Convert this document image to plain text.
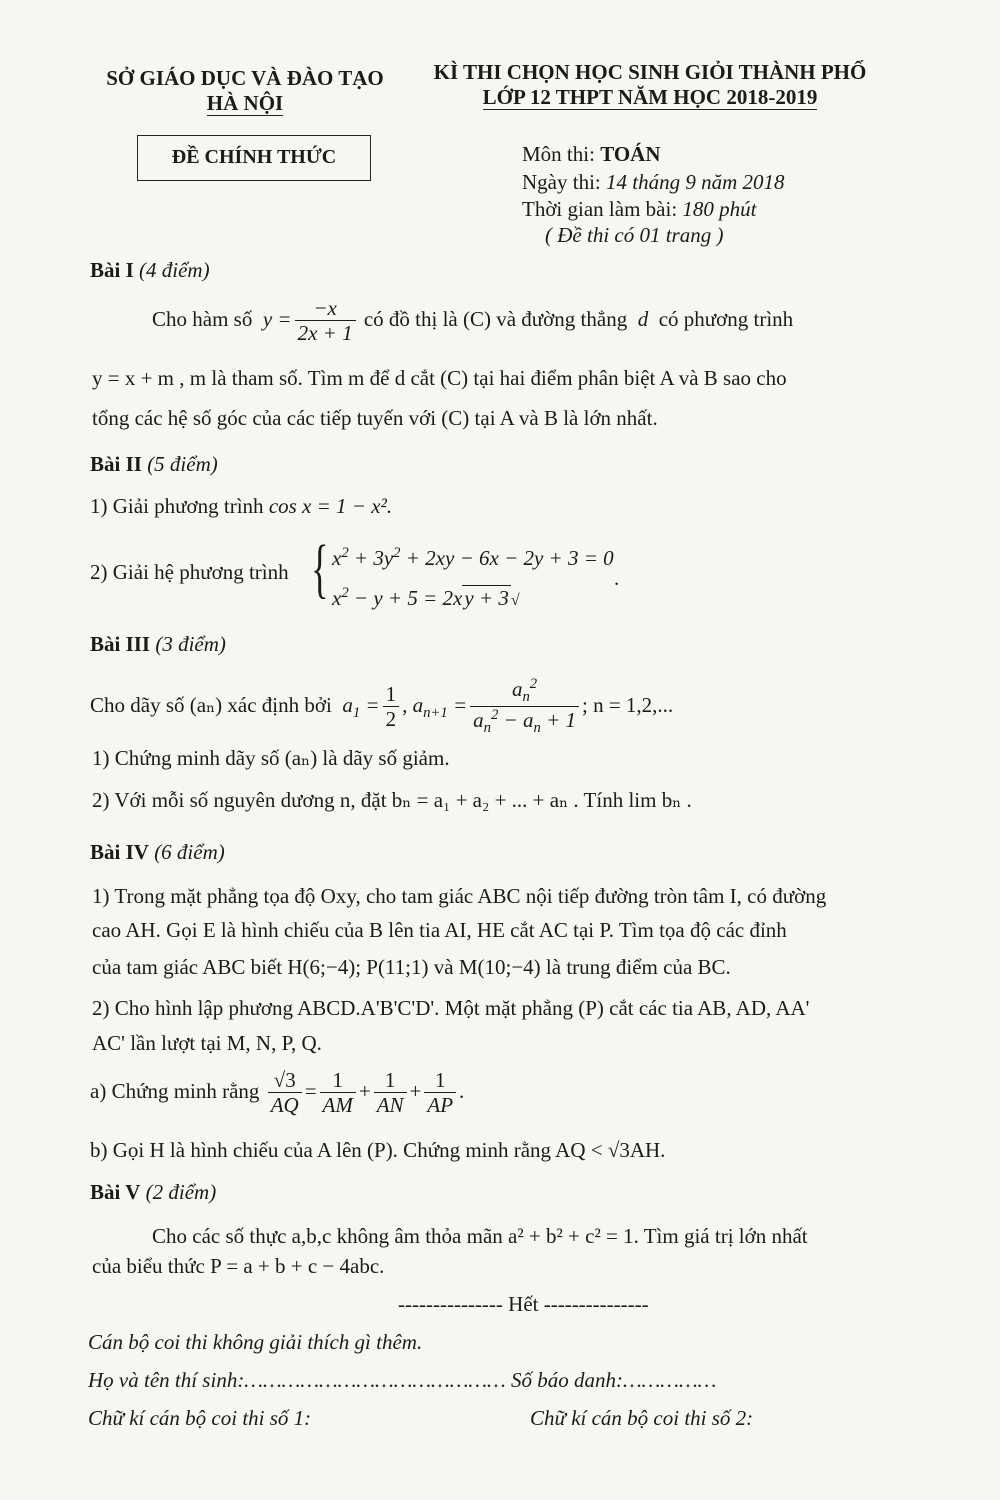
SỞ GIÁO DỤC VÀ ĐÀO TẠO
HÀ NỘI
KÌ THI CHỌN HỌC SINH GIỎI THÀNH PHỐ
LỚP 12 THPT NĂM HỌC 2018-2019
ĐỀ CHÍNH THỨC	Môn thi: TOÁN
Ngày thi: 14 tháng 9 năm 2018
Thời gian làm bài: 180 phút
( Đề thi có 01 trang )
Bài I (4 điểm)
Cho hàm số  $y = \frac{-x}{2x + 1}$ có đồ thị là (C) và đường thẳng  d  có phương trình
y = x + m , m là tham số. Tìm m để d cắt (C) tại hai điểm phân biệt A và B sao cho
tổng các hệ số góc của các tiếp tuyến với (C) tại A và B là lớn nhất.
Bài II (5 điểm)
1) Giải phương trình cos x = 1 − x².
2) Giải hệ phương trình { $x^2 + 3y^2 + 2xy - 6x - 2y + 3 = 0$
$x^2 - y + 5 = 2xy + 3$ √
.
Bài III (3 điểm)
Cho dãy số (aₙ) xác định bởi  $a_1 = \frac{1}{2}$ , $a_{n+1} = \frac{a_n^2}{a_n^2 - a_n + 1}$ ; n = 1,2,...
1) Chứng minh dãy số (aₙ) là dãy số giảm.
2) Với mỗi số nguyên dương n, đặt bₙ = a₁ + a₂ + ... + aₙ . Tính lim bₙ .
Bài IV (6 điểm)
1) Trong mặt phẳng tọa độ Oxy, cho tam giác ABC nội tiếp đường tròn tâm I, có đường
cao AH. Gọi E là hình chiếu của B lên tia AI, HE cắt AC tại P. Tìm tọa độ các đỉnh
của tam giác ABC biết H(6;−4); P(11;1) và M(10;−4) là trung điểm của BC.
2) Cho hình lập phương ABCD.A'B'C'D'. Một mặt phẳng (P) cắt các tia AB, AD, AA'
AC' lần lượt tại M, N, P, Q.
a) Chứng minh rằng $\frac{√3}{AQ} = \frac{1}{AM} + \frac{1}{AN} + \frac{1}{AP}$ .
b) Gọi H là hình chiếu của A lên (P). Chứng minh rằng AQ < √3AH.
Bài V (2 điểm)
Cho các số thực a,b,c không âm thỏa mãn a² + b² + c² = 1. Tìm giá trị lớn nhất
của biểu thức P = a + b + c − 4abc.
--------------- Hết ---------------
Cán bộ coi thi không giải thích gì thêm.
Họ và tên thí sinh:…………………………………… Số báo danh:……………
Chữ kí cán bộ coi thi số 1:	Chữ kí cán bộ coi thi số 2:
